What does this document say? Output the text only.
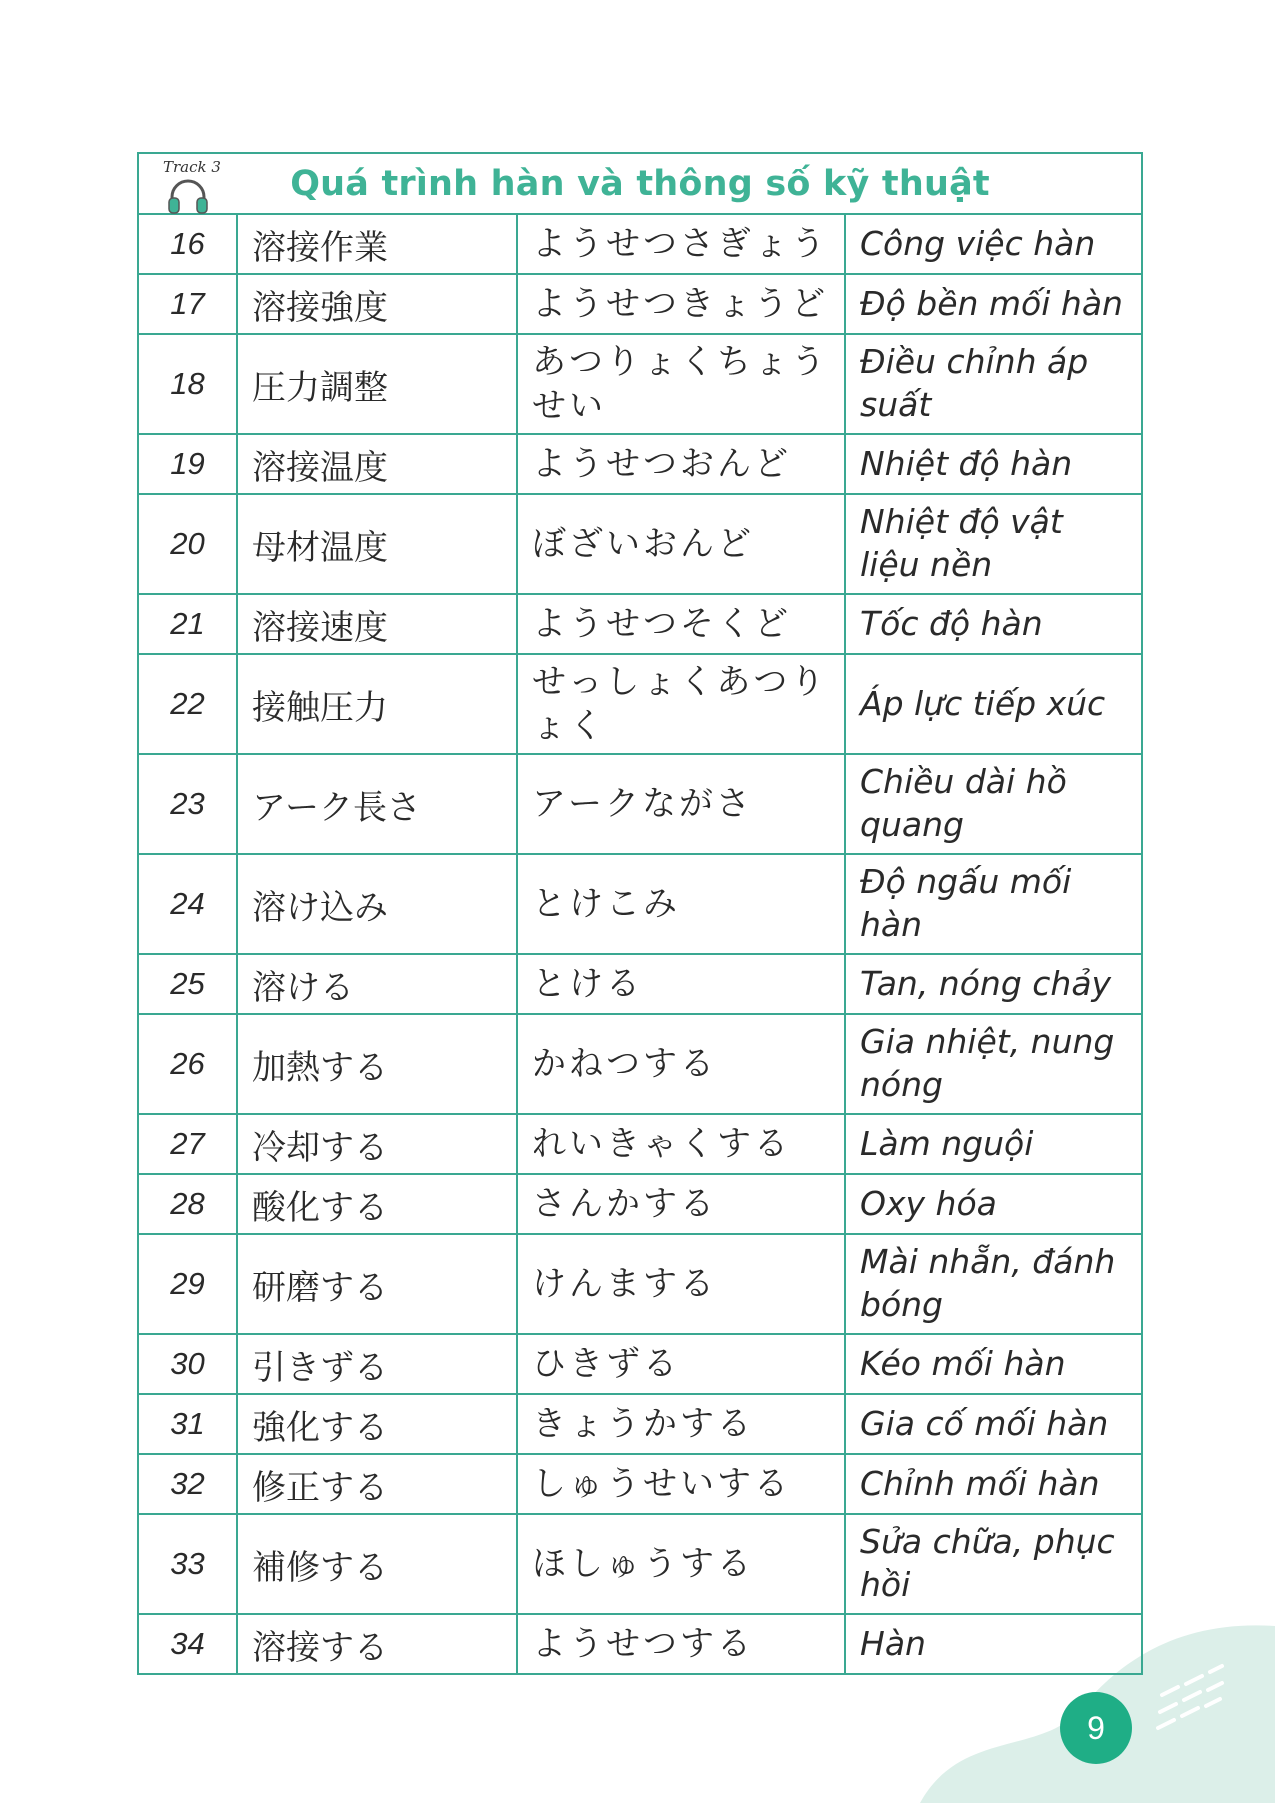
Track 3 Quá trình hàn và thông số kỹ thuật			
16	溶接作業	ようせつさぎょう	Công việc hàn
17	溶接強度	ようせつきょうど	Độ bền mối hàn
18	圧力調整	あつりょくちょうせい	Điều chỉnh áp suất
19	溶接温度	ようせつおんど	Nhiệt độ hàn
20	母材温度	ぼざいおんど	Nhiệt độ vật liệu nền
21	溶接速度	ようせつそくど	Tốc độ hàn
22	接触圧力	せっしょくあつりょく	Áp lực tiếp xúc
23	アーク長さ	アークながさ	Chiều dài hồ quang
24	溶け込み	とけこみ	Độ ngấu mối hàn
25	溶ける	とける	Tan, nóng chảy
26	加熱する	かねつする	Gia nhiệt, nung nóng
27	冷却する	れいきゃくする	Làm nguội
28	酸化する	さんかする	Oxy hóa
29	研磨する	けんまする	Mài nhẵn, đánh bóng
30	引きずる	ひきずる	Kéo mối hàn
31	強化する	きょうかする	Gia cố mối hàn
32	修正する	しゅうせいする	Chỉnh mối hàn
33	補修する	ほしゅうする	Sửa chữa, phục hồi
34	溶接する	ようせつする	Hàn
9
